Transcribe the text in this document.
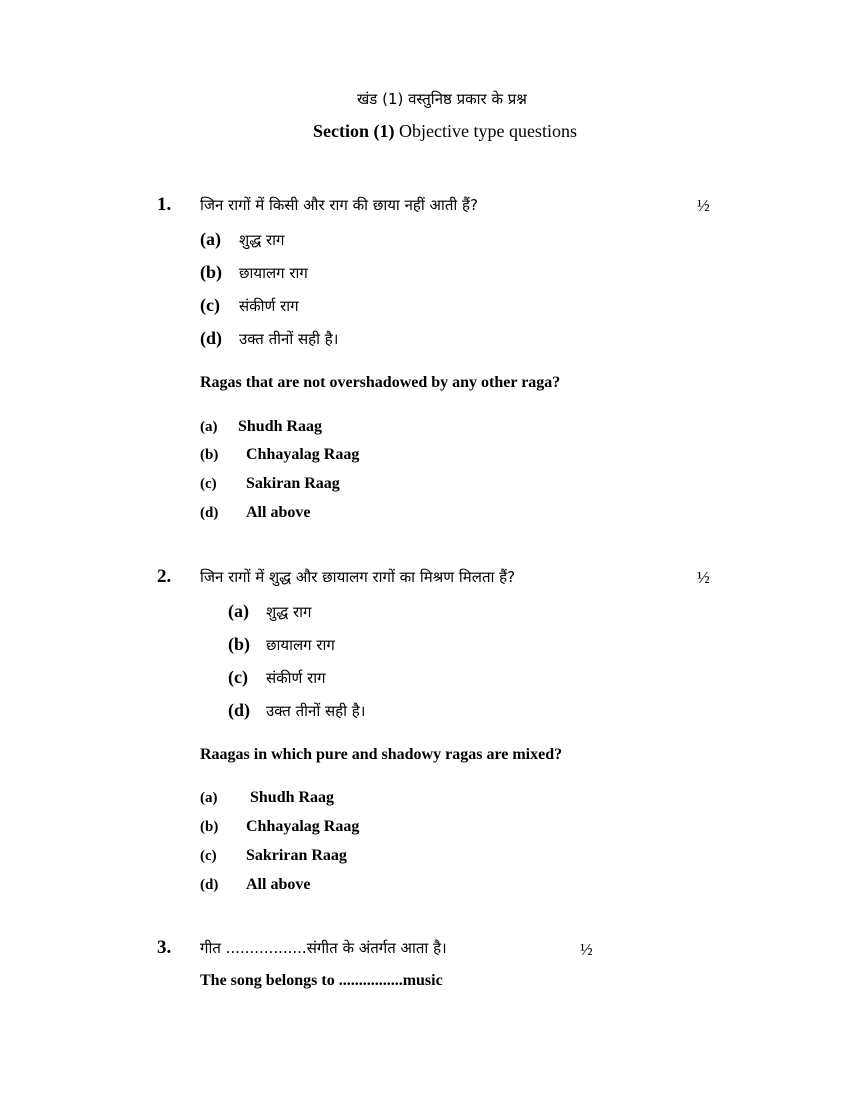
खंड (1) वस्तुनिष्ठ प्रकार के प्रश्न
Section (1) Objective type questions
1. जिन रागों में किसी और राग की छाया नहीं आती हैं?	½
(a) शुद्ध राग
(b) छायालग राग
(c) संकीर्ण राग
(d) उक्त तीनों सही है।
Ragas that are not overshadowed by any other raga?
(a) Shudh Raag
(b) Chhayalag Raag
(c) Sakiran Raag
(d) All above
2. जिन रागों में शुद्ध और छायालग रागों का मिश्रण मिलता हैं?	½
(a) शुद्ध राग
(b) छायालग राग
(c) संकीर्ण राग
(d) उक्त तीनों सही है।
Raagas in which pure and shadowy ragas are mixed?
(a) Shudh Raag
(b) Chhayalag Raag
(c) Sakriran Raag
(d) All above
3. गीत .................संगीत के अंतर्गत आता है।	½
The song belongs to ................music
